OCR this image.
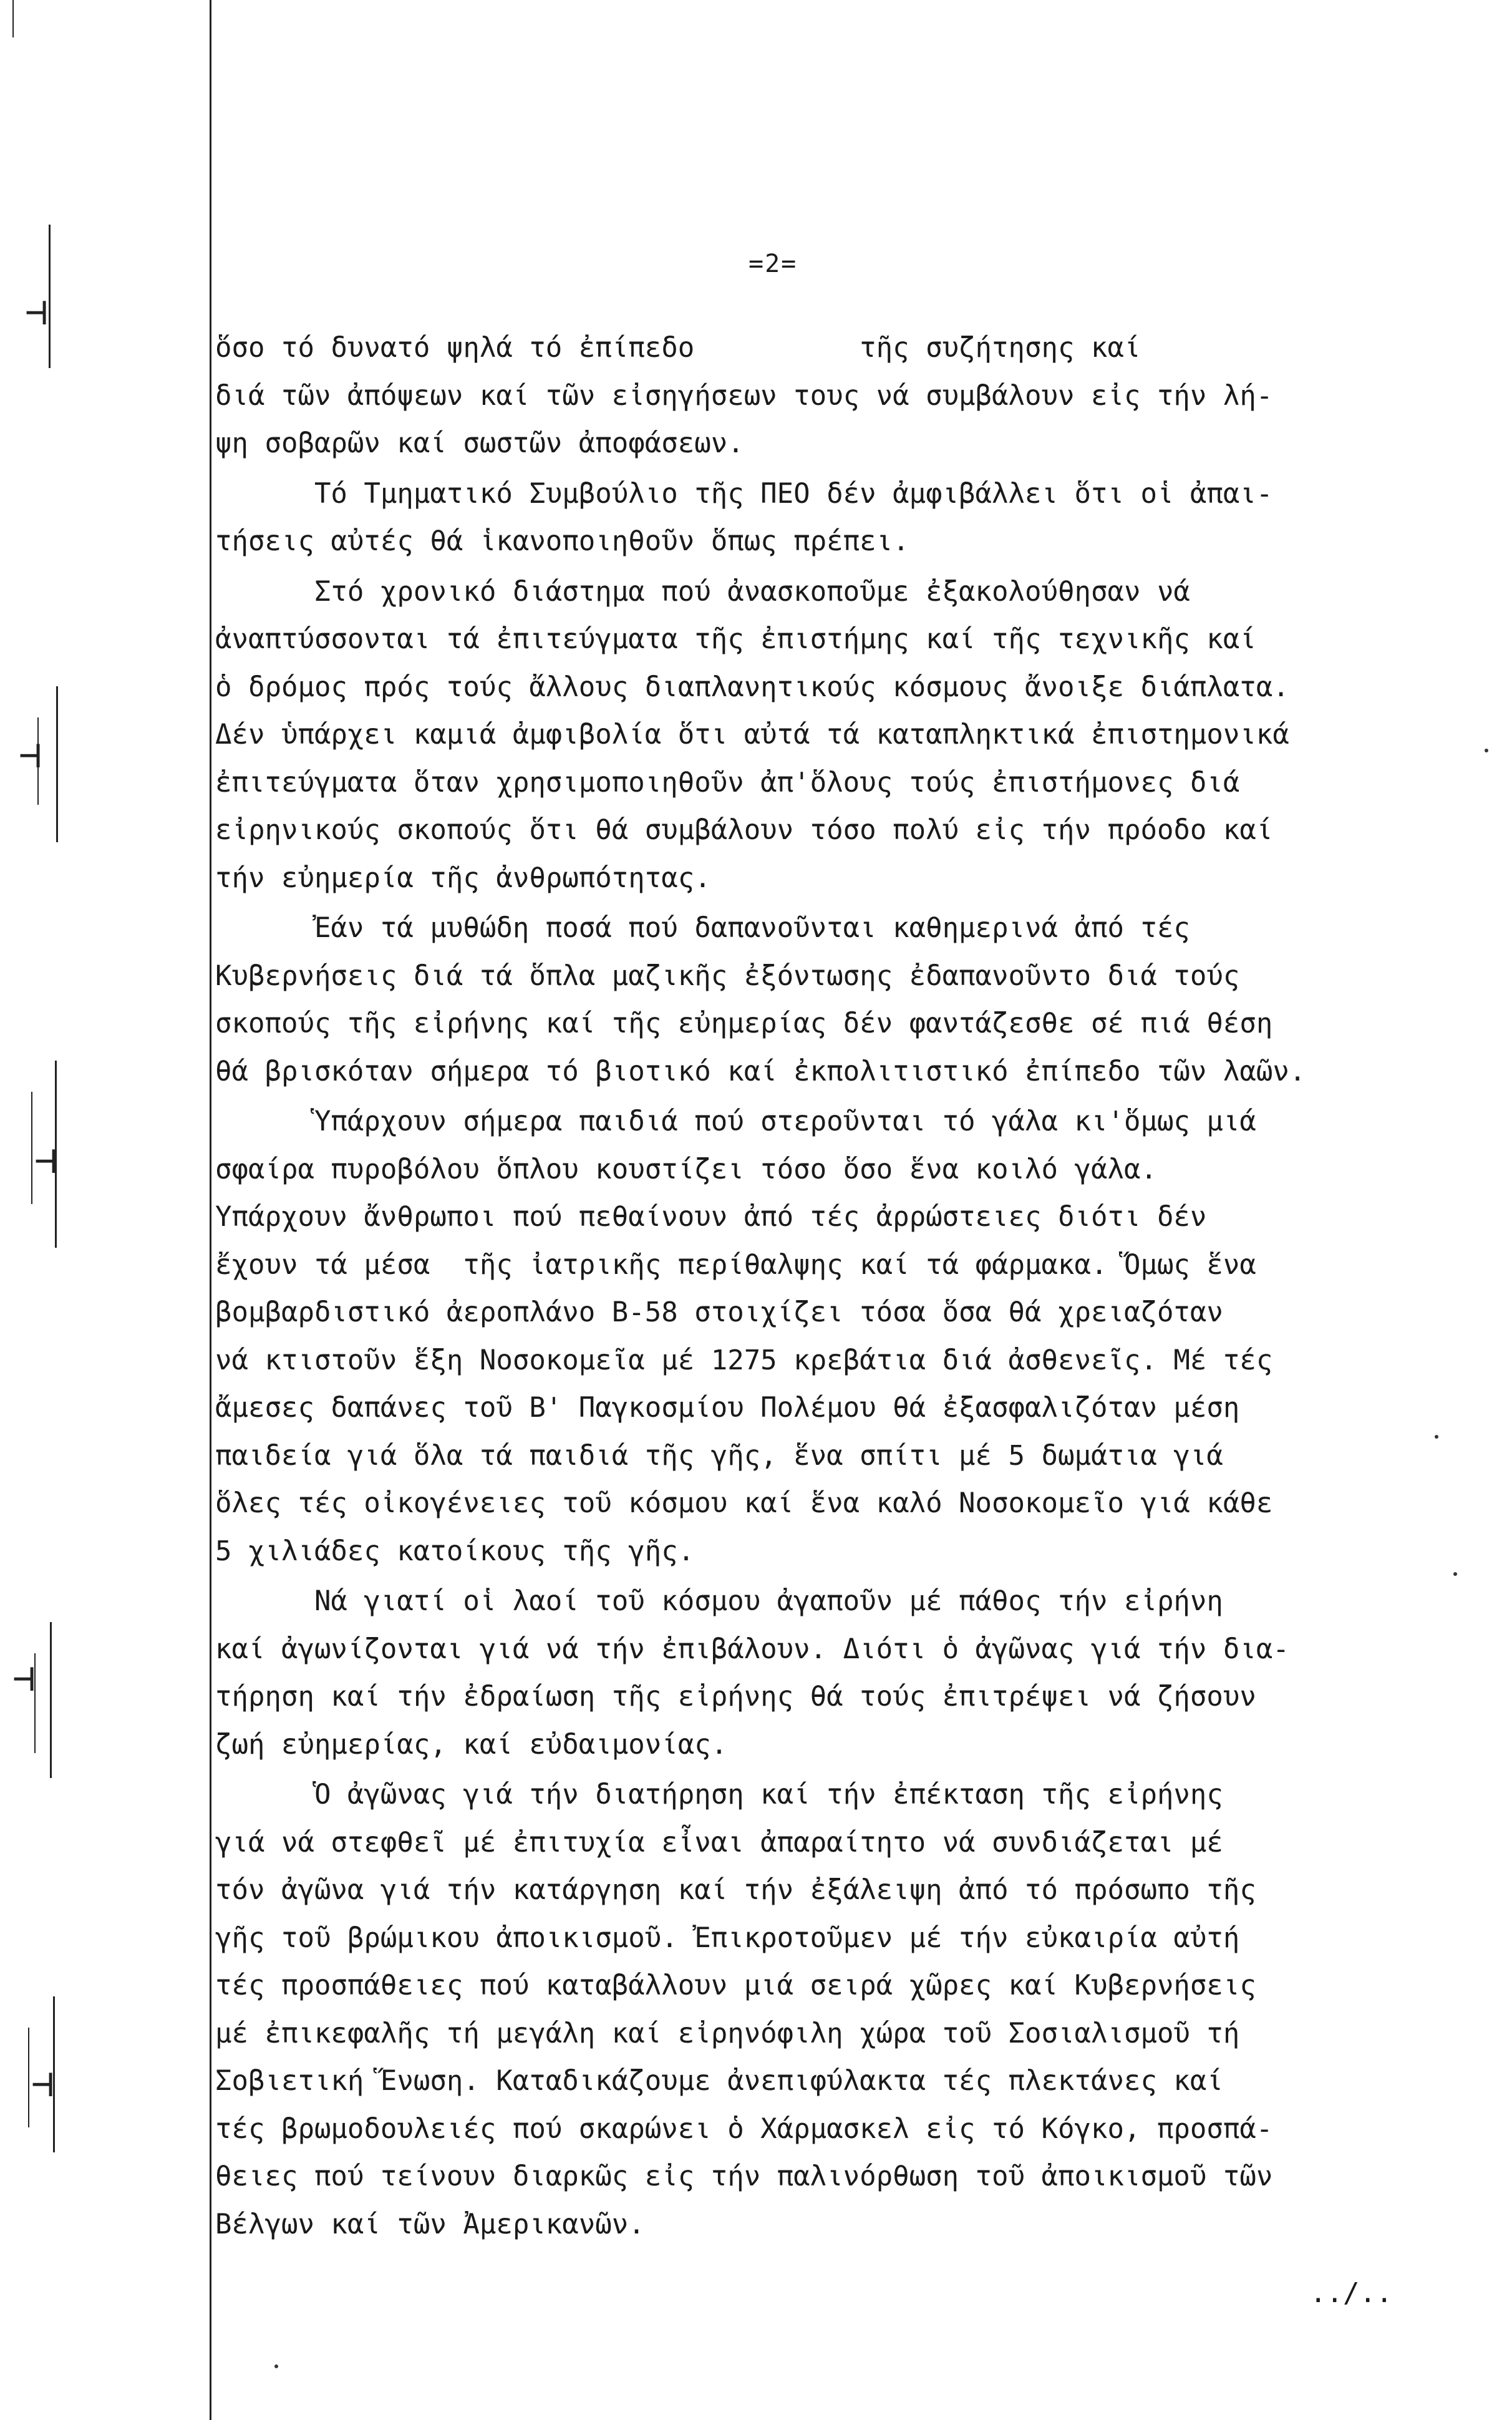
⊣
⊣
⊣
⊣
⊣
=2=
ὅσο τό δυνατό ψηλά τό ἐπίπεδο          τῆς συζήτησης καί
διά τῶν ἀπόψεων καί τῶν εἰσηγήσεων τους νά συμβάλουν εἰς τήν λή-
ψη σοβαρῶν καί σωστῶν ἀποφάσεων.
Τό Τμηματικό Συμβούλιο τῆς ΠΕΟ δέν ἀμφιβάλλει ὅτι οἱ ἀπαι-
τήσεις αὐτές θά ἱκανοποιηθοῦν ὅπως πρέπει.
Στό χρονικό διάστημα πού ἀνασκοποῦμε ἐξακολούθησαν νά
ἀναπτύσσονται τά ἐπιτεύγματα τῆς ἐπιστήμης καί τῆς τεχνικῆς καί
ὁ δρόμος πρός τούς ἄλλους διαπλανητικούς κόσμους ἄνοιξε διάπλατα.
Δέν ὑπάρχει καμιά ἀμφιβολία ὅτι αὐτά τά καταπληκτικά ἐπιστημονικά
ἐπιτεύγματα ὅταν χρησιμοποιηθοῦν ἀπ'ὅλους τούς ἐπιστήμονες διά
εἰρηνικούς σκοπούς ὅτι θά συμβάλουν τόσο πολύ εἰς τήν πρόοδο καί
τήν εὐημερία τῆς ἀνθρωπότητας.
Ἐάν τά μυθώδη ποσά πού δαπανοῦνται καθημερινά ἀπό τές
Κυβερνήσεις διά τά ὅπλα μαζικῆς ἐξόντωσης ἐδαπανοῦντο διά τούς
σκοπούς τῆς εἰρήνης καί τῆς εὐημερίας δέν φαντάζεσθε σέ πιά θέση
θά βρισκόταν σήμερα τό βιοτικό καί ἐκπολιτιστικό ἐπίπεδο τῶν λαῶν.
Ὑπάρχουν σήμερα παιδιά πού στεροῦνται τό γάλα κι'ὅμως μιά
σφαίρα πυροβόλου ὅπλου κουστίζει τόσο ὅσο ἕνα κοιλό γάλα.
Ὑπάρχουν ἄνθρωποι πού πεθαίνουν ἀπό τές ἀρρώστειες διότι δέν
ἔχουν τά μέσα  τῆς ἰατρικῆς περίθαλψης καί τά φάρμακα. Ὅμως ἕνα
βομβαρδιστικό ἀεροπλάνο Β-58 στοιχίζει τόσα ὅσα θά χρειαζόταν
νά κτιστοῦν ἕξη Νοσοκομεῖα μέ 1275 κρεβάτια διά ἀσθενεῖς. Μέ τές
ἄμεσες δαπάνες τοῦ Β' Παγκοσμίου Πολέμου θά ἐξασφαλιζόταν μέση
παιδεία γιά ὅλα τά παιδιά τῆς γῆς, ἕνα σπίτι μέ 5 δωμάτια γιά
ὅλες τές οἰκογένειες τοῦ κόσμου καί ἕνα καλό Νοσοκομεῖο γιά κάθε
5 χιλιάδες κατοίκους τῆς γῆς.
Νά γιατί οἱ λαοί τοῦ κόσμου ἀγαποῦν μέ πάθος τήν εἰρήνη
καί ἀγωνίζονται γιά νά τήν ἐπιβάλουν. Διότι ὁ ἀγῶνας γιά τήν δια-
τήρηση καί τήν ἐδραίωση τῆς εἰρήνης θά τούς ἐπιτρέψει νά ζήσουν
ζωή εὐημερίας, καί εὐδαιμονίας.
Ὁ ἀγῶνας γιά τήν διατήρηση καί τήν ἐπέκταση τῆς εἰρήνης
γιά νά στεφθεῖ μέ ἐπιτυχία εἶναι ἀπαραίτητο νά συνδιάζεται μέ
τόν ἀγῶνα γιά τήν κατάργηση καί τήν ἐξάλειψη ἀπό τό πρόσωπο τῆς
γῆς τοῦ βρώμικου ἀποικισμοῦ. Ἐπικροτοῦμεν μέ τήν εὐκαιρία αὐτή
τές προσπάθειες πού καταβάλλουν μιά σειρά χῶρες καί Κυβερνήσεις
μέ ἐπικεφαλῆς τή μεγάλη καί εἰρηνόφιλη χώρα τοῦ Σοσιαλισμοῦ τή
Σοβιετική Ἕνωση. Καταδικάζουμε ἀνεπιφύλακτα τές πλεκτάνες καί
τές βρωμοδουλειές πού σκαρώνει ὁ Χάρμασκελ εἰς τό Κόγκο, προσπά-
θειες πού τείνουν διαρκῶς εἰς τήν παλινόρθωση τοῦ ἀποικισμοῦ τῶν
Βέλγων καί τῶν Ἀμερικανῶν.
../..
